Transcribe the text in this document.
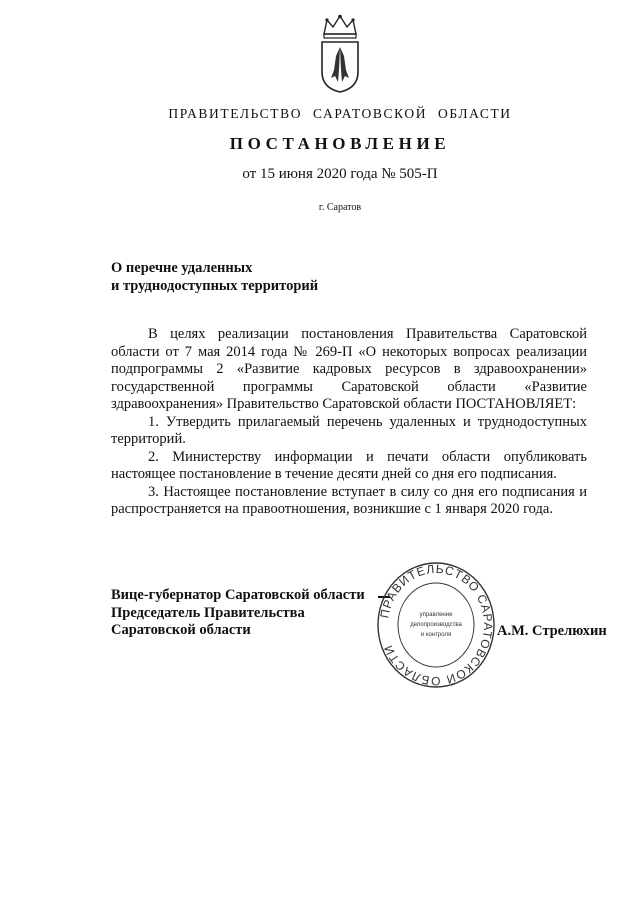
ПРАВИТЕЛЬСТВО САРАТОВСКОЙ ОБЛАСТИ
ПОСТАНОВЛЕНИЕ
от 15 июня 2020 года № 505-П
г. Саратов
О перечне удаленных
и труднодоступных территорий

В целях реализации постановления Правительства Саратовской области от 7 мая 2014 года № 269-П «О некоторых вопросах реализации подпрограммы 2 «Развитие кадровых ресурсов в здравоохранении» государственной программы Саратовской области «Развитие здравоохранения» Правительство Саратовской области ПОСТАНОВЛЯЕТ:

1. Утвердить прилагаемый перечень удаленных и труднодоступных территорий.

2. Министерству информации и печати области опубликовать настоящее постановление в течение десяти дней со дня его подписания.

3. Настоящее постановление вступает в силу со дня его подписания и распространяется на правоотношения, возникшие с 1 января 2020 года.

Вице-губернатор Саратовской области
Председатель Правительства
Саратовской области	А.М. Стрелюхин
ПРАВИТЕЛЬСТВО САРАТОВСКОЙ ОБЛАСТИ
управление
делопроизводства
и контроля
